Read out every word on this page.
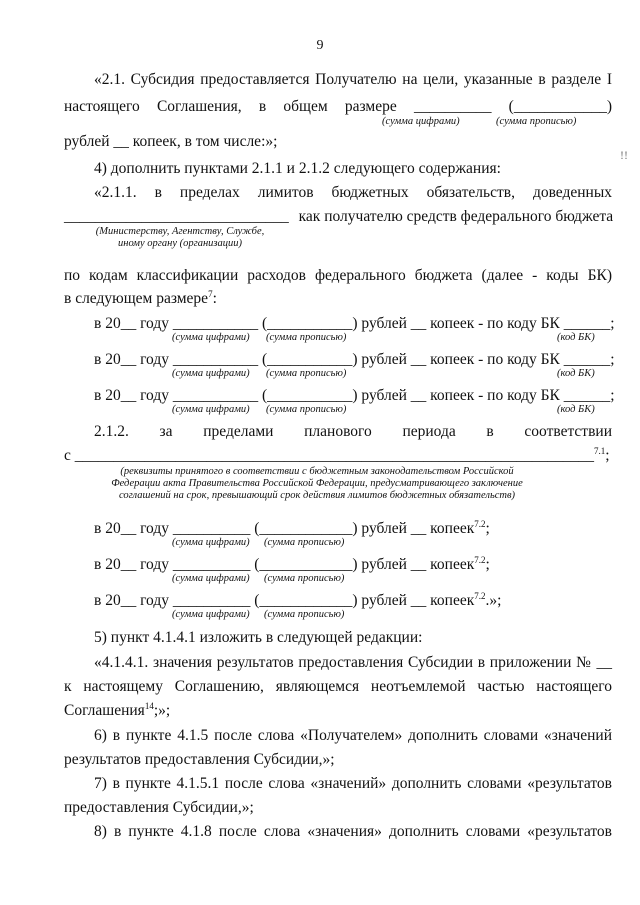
9
!!
«2.1. Субсидия предоставляется Получателю на цели, указанные в разделе I
настоящего Соглашения, в общем размере __________ (____________)
(сумма цифрами)	(сумма прописью)
рублей __ копеек, в том числе:»;
4) дополнить пунктами 2.1.1 и 2.1.2 следующего содержания:
«2.1.1. в пределах лимитов бюджетных обязательств, доведенных
_____________________________ как получателю средств федерального бюджета
(Министерству, Агентству, Службе,
иному органу (организации)
по кодам классификации расходов федерального бюджета (далее - коды БК)
в следующем размере$^7$:
в 20__ году ___________ (___________) рублей __ копеек - по коду БК ______;
(сумма цифрами) (сумма прописью)	(код БК)
в 20__ году ___________ (___________) рублей __ копеек - по коду БК ______;
(сумма цифрами) (сумма прописью)	(код БК)
в 20__ году ___________ (___________) рублей __ копеек - по коду БК ______;
(сумма цифрами) (сумма прописью)	(код БК)
2.1.2. за пределами планового периода в соответствии
с ___________________________________________________________________$^{7.1}$;
(реквизиты принятого в соответствии с бюджетным законодательством Российской
Федерации акта Правительства Российской Федерации, предусматривающего заключение
соглашений на срок, превышающий срок действия лимитов бюджетных обязательств)
в 20__ году __________ (____________) рублей __ копеек$^{7.2}$;
(сумма цифрами) (сумма прописью)
в 20__ году __________ (____________) рублей __ копеек$^{7.2}$;
(сумма цифрами) (сумма прописью)
в 20__ году __________ (____________) рублей __ копеек$^{7.2}$.»;
(сумма цифрами) (сумма прописью)
5) пункт 4.1.4.1 изложить в следующей редакции:
«4.1.4.1. значения результатов предоставления Субсидии в приложении № __
к настоящему Соглашению, являющемся неотъемлемой частью настоящего
Соглашения$^{14}$;»;
6) в пункте 4.1.5 после слова «Получателем» дополнить словами «значений
результатов предоставления Субсидии,»;
7) в пункте 4.1.5.1 после слова «значений» дополнить словами «результатов
предоставления Субсидии,»;
8) в пункте 4.1.8 после слова «значения» дополнить словами «результатов
